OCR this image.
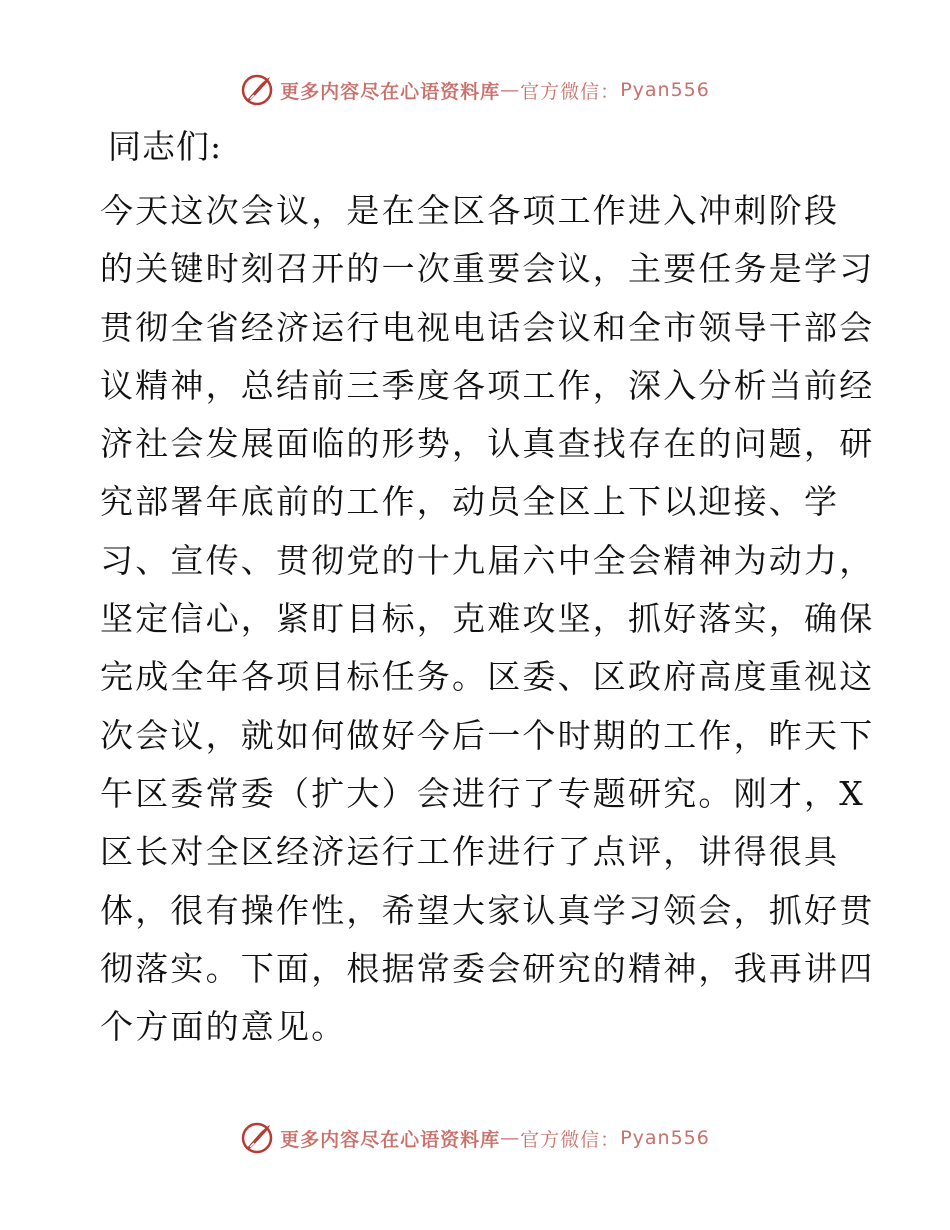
更多内容尽在心语资料库 — 官方微信： Pyan556
同志们:
今天这次会议，是在全区各项工作进入冲刺阶段
的关键时刻召开的一次重要会议，主要任务是学习
贯彻全省经济运行电视电话会议和全市领导干部会
议精神，总结前三季度各项工作，深入分析当前经
济社会发展面临的形势，认真查找存在的问题，研
究部署年底前的工作，动员全区上下以迎接、学
习、宣传、贯彻党的十九届六中全会精神为动力，
坚定信心，紧盯目标，克难攻坚，抓好落实，确保
完成全年各项目标任务。区委、区政府高度重视这
次会议，就如何做好今后一个时期的工作，昨天下
午区委常委（扩大）会进行了专题研究。刚才，X
区长对全区经济运行工作进行了点评，讲得很具
体，很有操作性，希望大家认真学习领会，抓好贯
彻落实。下面，根据常委会研究的精神，我再讲四
个方面的意见。
更多内容尽在心语资料库 — 官方微信： Pyan556
